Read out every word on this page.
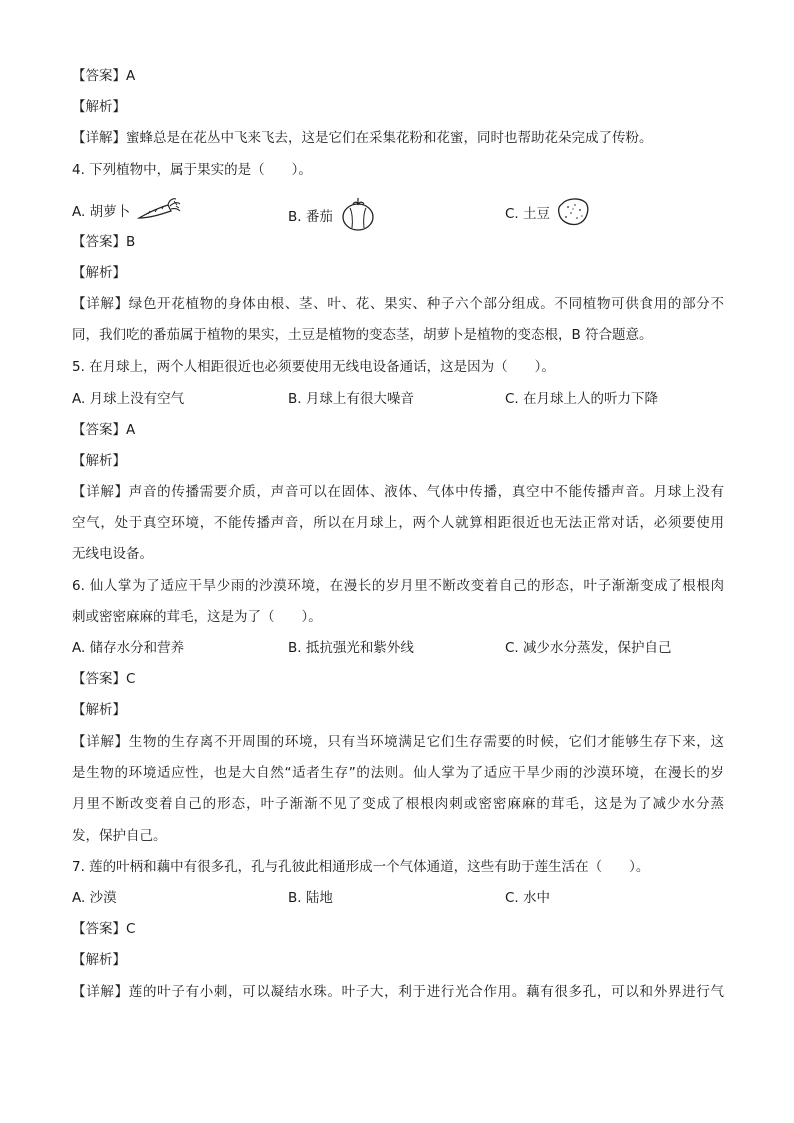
【答案】A
【解析】
【详解】蜜蜂总是在花丛中飞来飞去，这是它们在采集花粉和花蜜，同时也帮助花朵完成了传粉。
4. 下列植物中，属于果实的是（　　）。
A. 胡萝卜	B. 番茄	C. 土豆
【答案】B
【解析】
【详解】绿色开花植物的身体由根、茎、叶、花、果实、种子六个部分组成。不同植物可供食用的部分不
同，我们吃的番茄属于植物的果实，土豆是植物的变态茎，胡萝卜是植物的变态根，B 符合题意。
5. 在月球上，两个人相距很近也必须要使用无线电设备通话，这是因为（　　）。
A. 月球上没有空气	B. 月球上有很大噪音	C. 在月球上人的听力下降
【答案】A
【解析】
【详解】声音的传播需要介质，声音可以在固体、液体、气体中传播，真空中不能传播声音。月球上没有
空气，处于真空环境，不能传播声音，所以在月球上，两个人就算相距很近也无法正常对话，必须要使用
无线电设备。
6. 仙人掌为了适应干旱少雨的沙漠环境，在漫长的岁月里不断改变着自己的形态，叶子渐渐变成了根根肉
刺或密密麻麻的茸毛，这是为了（　　）。
A. 储存水分和营养	B. 抵抗强光和紫外线	C. 减少水分蒸发，保护自己
【答案】C
【解析】
【详解】生物的生存离不开周围的环境，只有当环境满足它们生存需要的时候，它们才能够生存下来，这
是生物的环境适应性，也是大自然“适者生存”的法则。仙人掌为了适应干旱少雨的沙漠环境，在漫长的岁
月里不断改变着自己的形态，叶子渐渐不见了变成了根根肉刺或密密麻麻的茸毛，这是为了减少水分蒸
发，保护自己。
7. 莲的叶柄和藕中有很多孔，孔与孔彼此相通形成一个气体通道，这些有助于莲生活在（　　）。
A. 沙漠	B. 陆地	C. 水中
【答案】C
【解析】
【详解】莲的叶子有小刺，可以凝结水珠。叶子大，利于进行光合作用。藕有很多孔，可以和外界进行气
